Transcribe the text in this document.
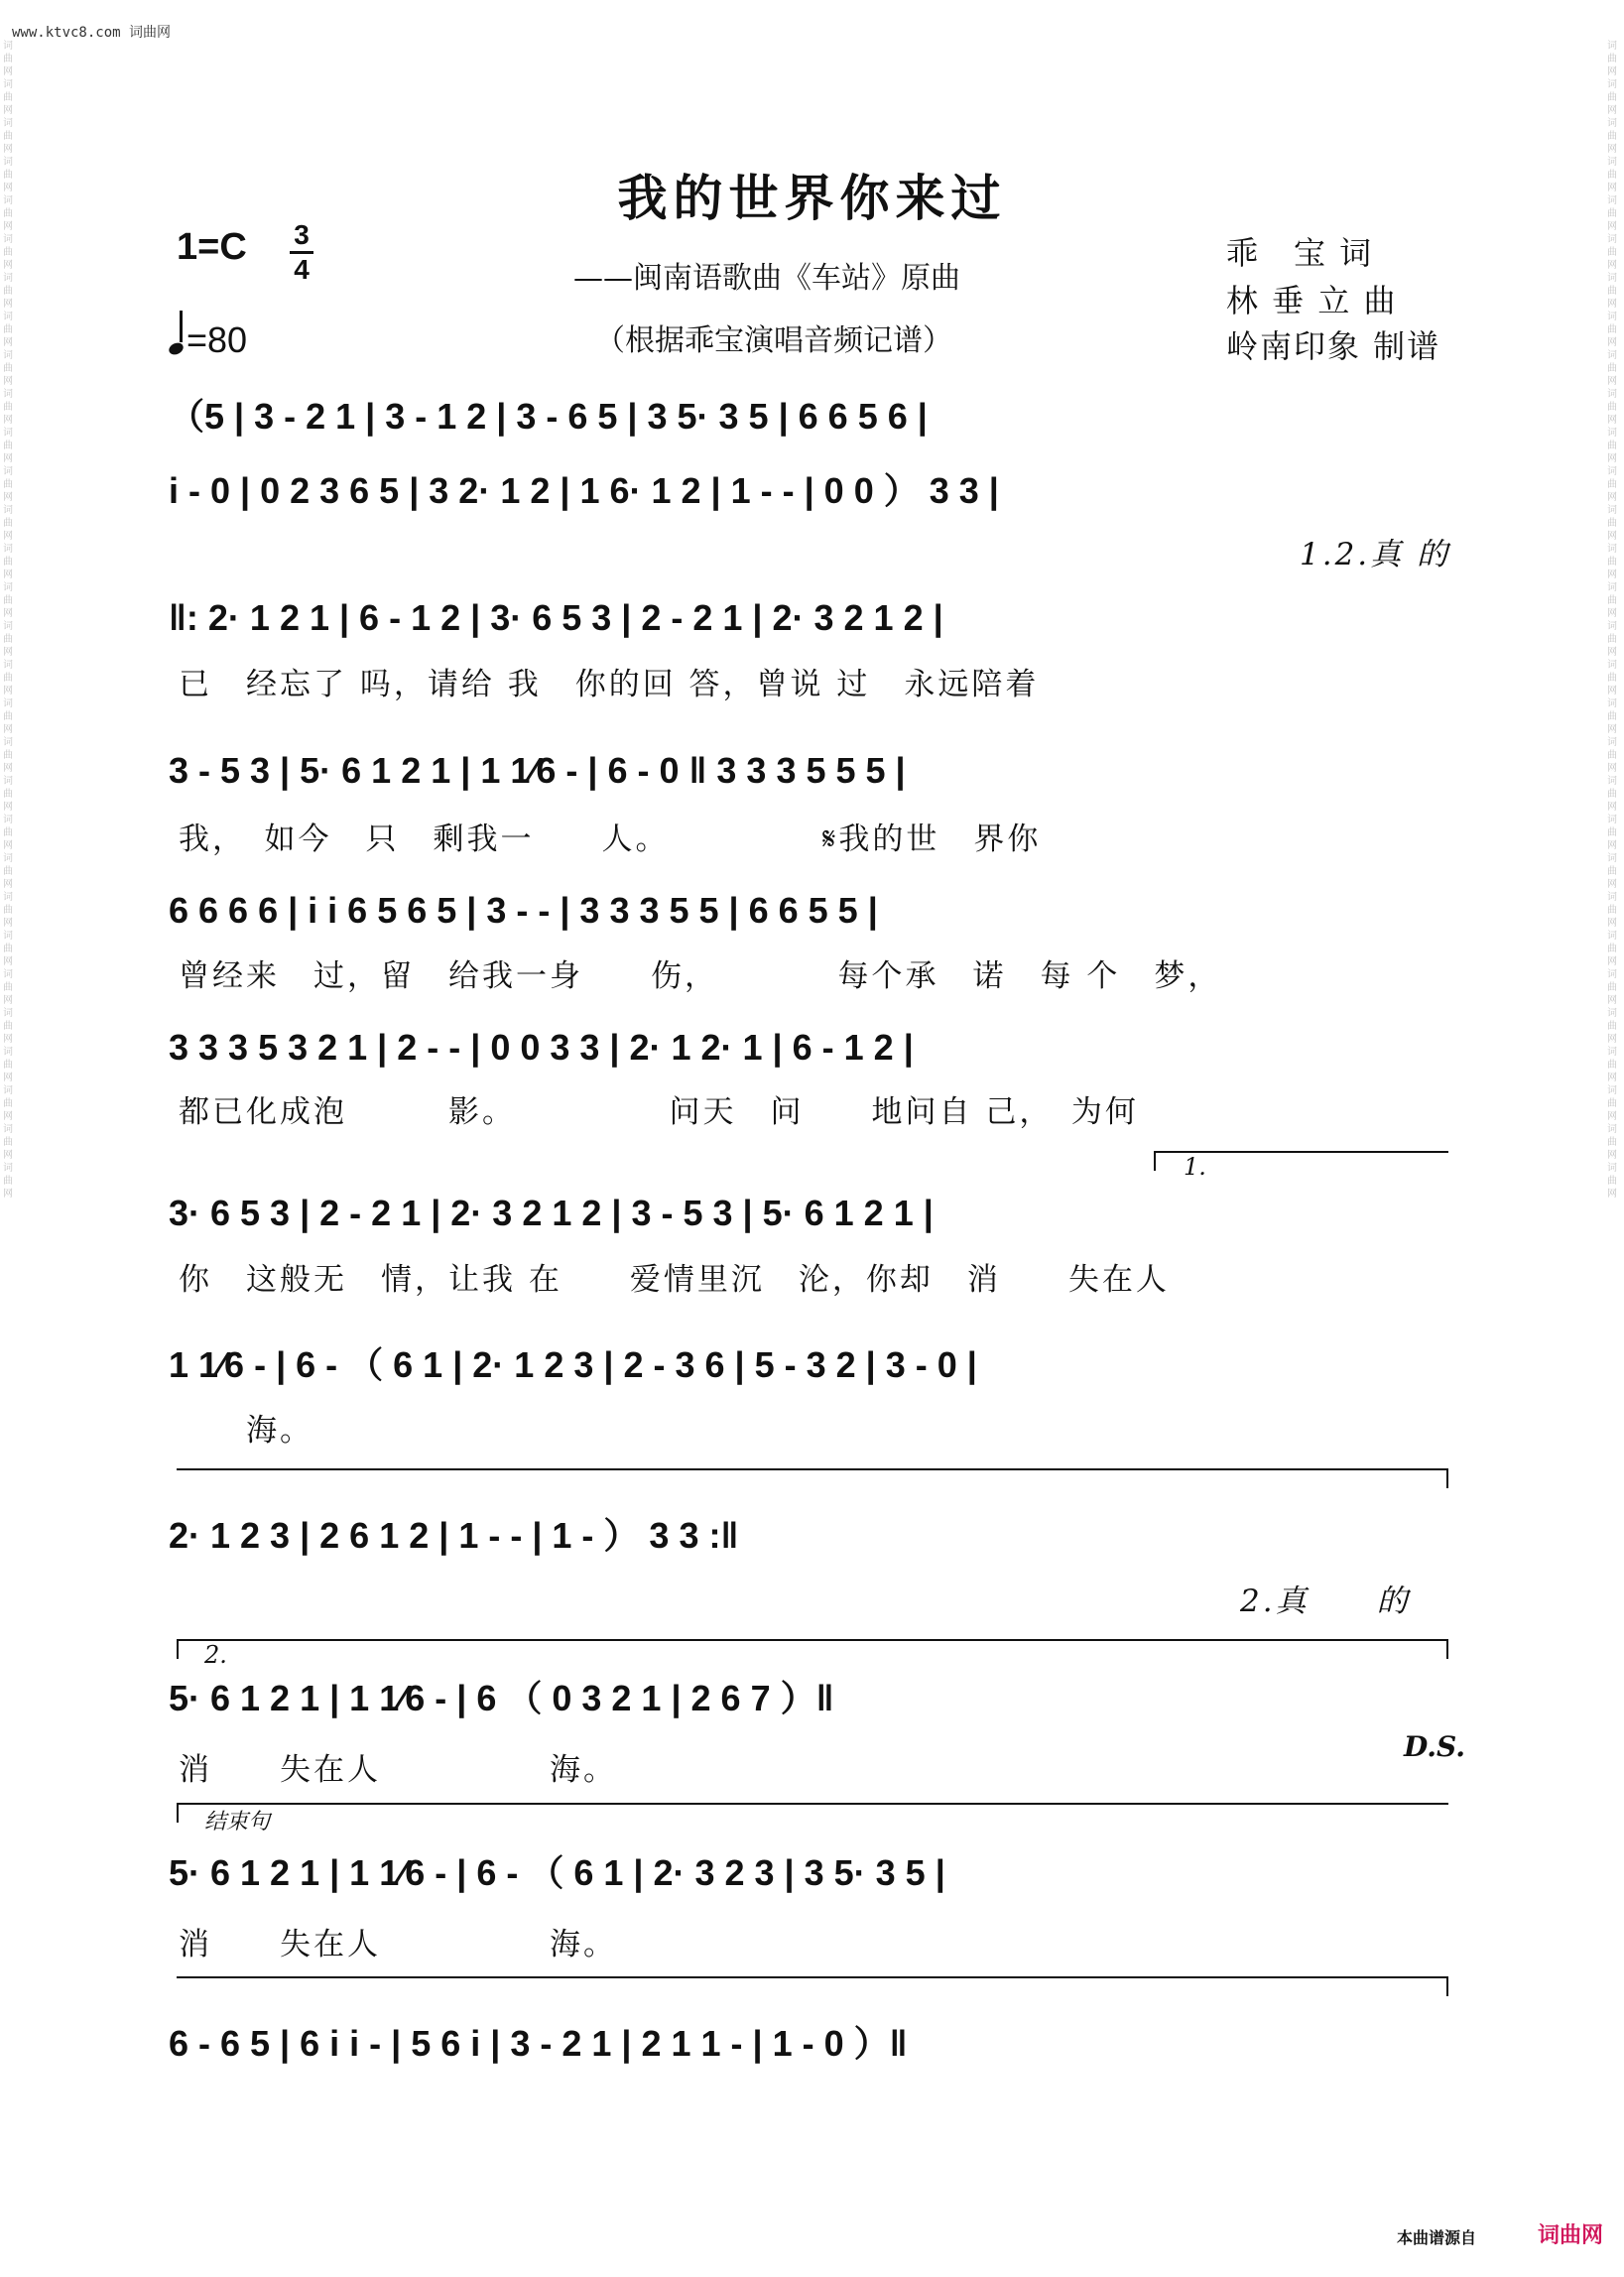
www.ktvc8.com 词曲网
词曲网词曲网词曲网词曲网词曲网词曲网词曲网词曲网词曲网词曲网词曲网词曲网词曲网词曲网词曲网词曲网词曲网词曲网词曲网词曲网词曲网词曲网词曲网词曲网词曲网词曲网词曲网词曲网词曲网词曲网
词曲网词曲网词曲网词曲网词曲网词曲网词曲网词曲网词曲网词曲网词曲网词曲网词曲网词曲网词曲网词曲网词曲网词曲网词曲网词曲网词曲网词曲网词曲网词曲网词曲网词曲网词曲网词曲网词曲网词曲网
我的世界你来过
1=C 3
4
=80
——闽南语歌曲《车站》原曲
（根据乖宝演唱音频记谱）
乖　宝 词
林 垂 立 曲
岭南印象 制谱
（5 | 3 - 2 1 | 3 - 1 2 | 3 - 6 5 | 3 5· 3 5 | 6 6 5 6 |
i - 0 | 0 2 3 6 5 | 3 2· 1 2 | 1 6· 1 2 | 1 - - | 0 0 ） 3 3 |
1.2.真 的
‖: 2· 1 2 1 | 6 - 1 2 | 3· 6 5 3 | 2 - 2 1 | 2· 3 2 1 2 |
已　经忘了 吗，请给 我　你的回 答，曾说 过　永远陪着
3 - 5 3 | 5· 6 1 2 1 | 1 1⁄6 - | 6 - 0 ‖ 3 3 3 5 5 5 |
我，　如今　只　剩我一　　人。　　　　　𝄋我的世　界你
6 6 6 6 | i i 6 5 6 5 | 3 - - | 3 3 3 5 5 | 6 6 5 5 |
曾经来　过，留　给我一身　　伤，　　　　每个承　诺　每 个　梦，
3 3 3 5 3 2 1 | 2 - - | 0 0 3 3 | 2· 1 2· 1 | 6 - 1 2 |
都已化成泡　　　影。　　　　　问天　问　　地问自 己，　为何
1.
3· 6 5 3 | 2 - 2 1 | 2· 3 2 1 2 | 3 - 5 3 | 5· 6 1 2 1 |
你　这般无　情，让我 在　　爱情里沉　沦，你却　消　　失在人
1 1⁄6 - | 6 - （ 6 1 | 2· 1 2 3 | 2 - 3 6 | 5 - 3 2 | 3 - 0 |
海。
2· 1 2 3 | 2 6 1 2 | 1 - - | 1 - ） 3 3 :‖
2.真　　的
2.
5· 6 1 2 1 | 1 1⁄6 - | 6 （ 0 3 2 1 | 2 6 7 ）‖
消　　失在人　　　　　海。
D.S.
结束句
5· 6 1 2 1 | 1 1⁄6 - | 6 - （ 6 1 | 2· 3 2 3 | 3 5· 3 5 |
消　　失在人　　　　　海。
6 - 6 5 | 6 i i - | 5 6 i | 3 - 2 1 | 2 1 1 - | 1 - 0 ）‖
本曲谱源自	词曲网
